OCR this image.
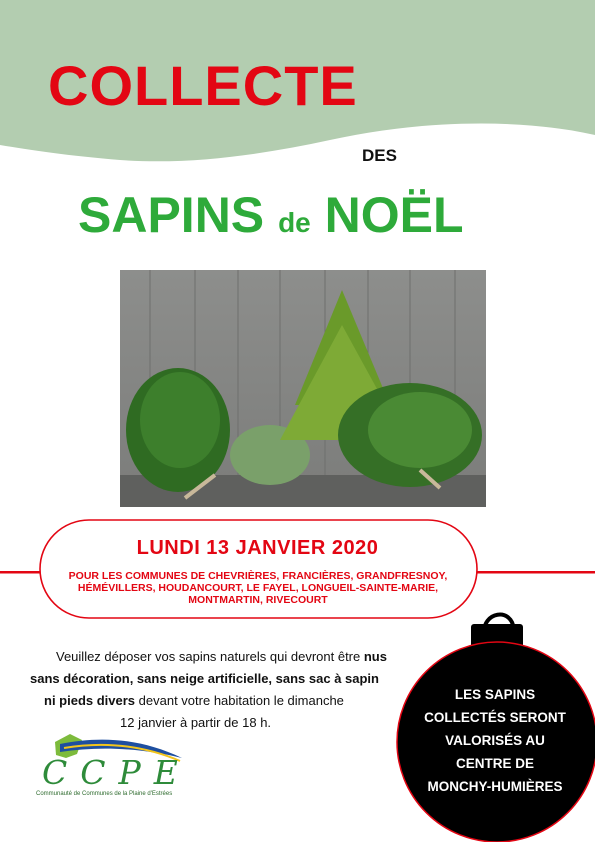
COLLECTE
DES
SAPINS de NOËL
LUNDI 13 JANVIER 2020
POUR LES COMMUNES DE CHEVRIÈRES, FRANCIÈRES, GRANDFRESNOY,
HÉMÉVILLERS, HOUDANCOURT, LE FAYEL, LONGUEIL-SAINTE-MARIE,
MONTMARTIN, RIVECOURT
Veuillez déposer vos sapins naturels qui devront être nus
sans décoration, sans neige artificielle, sans sac à sapin
ni pieds divers devant votre habitation le dimanche
12 janvier à partir de 18 h.
LES SAPINS
COLLECTÉS SERONT
VALORISÉS AU
CENTRE DE
MONCHY-HUMIÈRES
CCPE
Communauté de Communes de la Plaine d'Estrées
